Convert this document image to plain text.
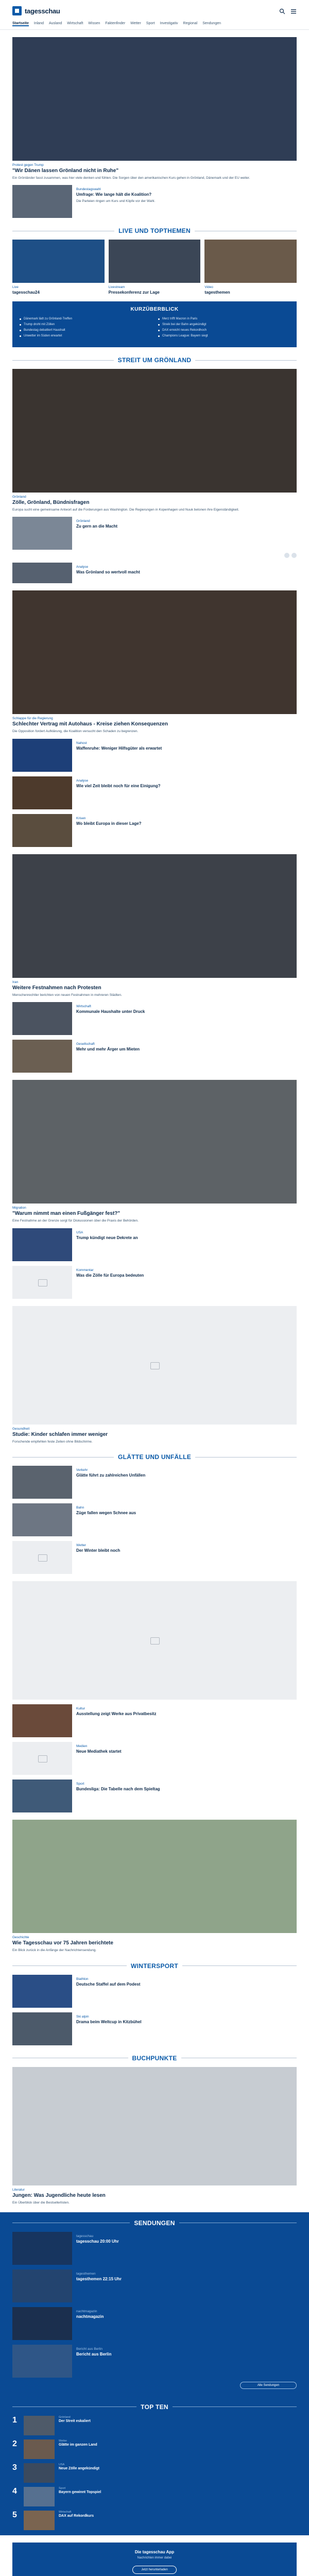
tagesschau
Startseite Inland Ausland Wirtschaft Wissen Faktenfinder Wetter Sport Investigativ Regional Sendungen
Protest gegen Trump
"Wir Dänen lassen Grönland nicht in Ruhe"
Ein Grönländer fasst zusammen, was hier viele denken und fühlen. Die Sorgen über den amerikanischen Kurs gehen in Grönland, Dänemark und der EU weiter.
Bundestagswahl
Umfrage: Wie lange hält die Koalition?
Die Parteien ringen um Kurs und Köpfe vor der Wahl.
LIVE UND TOPTHEMEN
Live
tagesschau24
Livestream
Pressekonferenz zur Lage
Video
tagesthemen
KURZÜBERBLICK
Dänemark lädt zu Grönland-Treffen
Trump droht mit Zöllen
Bundestag debattiert Haushalt
Unwetter im Süden erwartet
Merz trifft Macron in Paris
Streik bei der Bahn angekündigt
DAX erreicht neues Rekordhoch
Champions League: Bayern siegt
STREIT UM GRÖNLAND
Grönland
Zölle, Grönland, Bündnisfragen
Europa sucht eine gemeinsame Antwort auf die Forderungen aus Washington. Die Regierungen in Kopenhagen und Nuuk betonen ihre Eigenständigkeit.
Grönland
Zu gern an die Macht
Analyse
Was Grönland so wertvoll macht
Schlappe für die Regierung
Schlechter Vertrag mit Autohaus - Kreise ziehen Konsequenzen
Die Opposition fordert Aufklärung, die Koalition versucht den Schaden zu begrenzen.
Nahost
Waffenruhe: Weniger Hilfsgüter als erwartet
Analyse
Wie viel Zeit bleibt noch für eine Einigung?
Krisen
Wo bleibt Europa in dieser Lage?
Iran
Weitere Festnahmen nach Protesten
Menschenrechtler berichten von neuen Festnahmen in mehreren Städten.
Wirtschaft
Kommunale Haushalte unter Druck
Gesellschaft
Mehr und mehr Ärger um Mieten
Migration
"Warum nimmt man einen Fußgänger fest?"
Eine Festnahme an der Grenze sorgt für Diskussionen über die Praxis der Behörden.
USA
Trump kündigt neue Dekrete an
Kommentar
Was die Zölle für Europa bedeuten
Gesundheit
Studie: Kinder schlafen immer weniger
Forschende empfehlen feste Zeiten ohne Bildschirme.
GLÄTTE UND UNFÄLLE
Verkehr
Glätte führt zu zahlreichen Unfällen
Bahn
Züge fallen wegen Schnee aus
Wetter
Der Winter bleibt noch
Kultur
Ausstellung zeigt Werke aus Privatbesitz
Medien
Neue Mediathek startet
Sport
Bundesliga: Die Tabelle nach dem Spieltag
Geschichte
Wie Tagesschau vor 75 Jahren berichtete
Ein Blick zurück in die Anfänge der Nachrichtensendung.
WINTERSPORT
Biathlon
Deutsche Staffel auf dem Podest
Ski alpin
Drama beim Weltcup in Kitzbühel
BUCHPUNKTE
Literatur
Jungen: Was Jugendliche heute lesen
Ein Überblick über die Bestsellerlisten.
SENDUNGEN
tagesschau
tagesschau 20:00 Uhr
tagesthemen
tagesthemen 22:15 Uhr
nachtmagazin
nachtmagazin
Bericht aus Berlin
Bericht aus Berlin
Alle Sendungen
TOP TEN
1	Grönland
Der Streit eskaliert
2	Wetter
Glätte im ganzen Land
3	USA
Neue Zölle angekündigt
4	Sport
Bayern gewinnt Topspiel
5	Wirtschaft
DAX auf Rekordkurs
Die tagesschau App
Nachrichten immer dabei
Jetzt herunterladen
